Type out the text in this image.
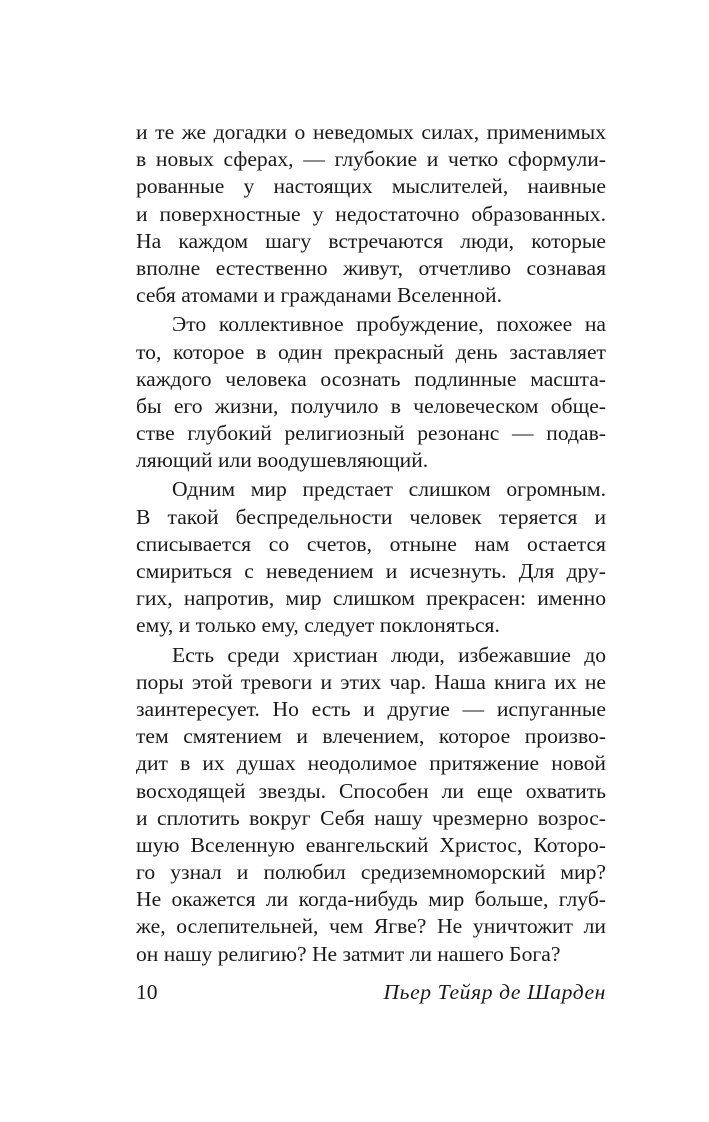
и те же догадки о неведомых силах, применимых
в новых сферах, — глубокие и четко сформули-
рованные у настоящих мыслителей, наивные
и поверхностные у недостаточно образованных.
На каждом шагу встречаются люди, которые
вполне естественно живут, отчетливо сознавая
себя атомами и гражданами Вселенной.
Это коллективное пробуждение, похожее на
то, которое в один прекрасный день заставляет
каждого человека осознать подлинные масшта-
бы его жизни, получило в человеческом обще-
стве глубокий религиозный резонанс — подав-
ляющий или воодушевляющий.
Одним мир предстает слишком огромным.
В такой беспредельности человек теряется и
списывается со счетов, отныне нам остается
смириться с неведением и исчезнуть. Для дру-
гих, напротив, мир слишком прекрасен: именно
ему, и только ему, следует поклоняться.
Есть среди христиан люди, избежавшие до
поры этой тревоги и этих чар. Наша книга их не
заинтересует. Но есть и другие — испуганные
тем смятением и влечением, которое произво-
дит в их душах неодолимое притяжение новой
восходящей звезды. Способен ли еще охватить
и сплотить вокруг Себя нашу чрезмерно возрос-
шую Вселенную евангельский Христос, Которо-
го узнал и полюбил средиземноморский мир?
Не окажется ли когда-нибудь мир больше, глуб-
же, ослепительней, чем Ягве? Не уничтожит ли
он нашу религию? Не затмит ли нашего Бога?
10	Пьер Тейяр де Шарден
